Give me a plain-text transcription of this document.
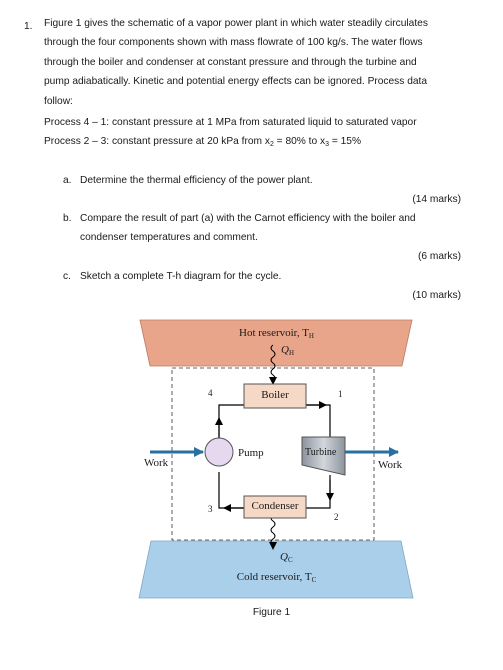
1. Figure 1 gives the schematic of a vapor power plant in which water steadily circulates
through the four components shown with mass flowrate of 100 kg/s. The water flows
through the boiler and condenser at constant pressure and through the turbine and
pump adiabatically. Kinetic and potential energy effects can be ignored. Process data
follow:
Process 4 – 1: constant pressure at 1 MPa from saturated liquid to saturated vapor
Process 2 – 3: constant pressure at 20 kPa from $x_2 = 80\%$ to $x_3 = 15\%$
a. Determine the thermal efficiency of the power plant.
(14 marks)
b. Compare the result of part (a) with the Carnot efficiency with the boiler and
condenser temperatures and comment.
(6 marks)
c. Sketch a complete T-h diagram for the cycle.
(10 marks)
Hot reservoir, $T_H$
$Q_H$
Boiler
Pump	Turbine
Condenser
Work	Work
1
2
3
4
$Q_C$
Cold reservoir, $T_C$
Figure 1
